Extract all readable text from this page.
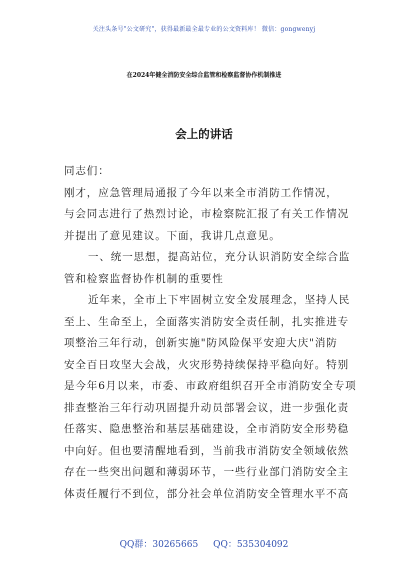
关注头条号"公文研究"，获得最新最全最专业的公文资料库！ 微信：gongwenyj
在2024年健全消防安全综合监管和检察监督协作机制推进
会上的讲话
同志们：
刚才，应急管理局通报了今年以来全市消防工作情况，
与会同志进行了热烈讨论，市检察院汇报了有关工作情况
并提出了意见建议。下面，我讲几点意见。
一、统一思想，提高站位，充分认识消防安全综合监
管和检察监督协作机制的重要性
近年来，全市上下牢固树立安全发展理念，坚持人民
至上、生命至上，全面落实消防安全责任制，扎实推进专
项整治三年行动，创新实施"防风险保平安迎大庆"消防
安全百日攻坚大会战，火灾形势持续保持平稳向好。特别
是今年6月以来，市委、市政府组织召开全市消防安全专项
排查整治三年行动巩固提升动员部署会议，进一步强化责
任落实、隐患整治和基层基础建设，全市消防安全形势稳
中向好。但也要清醒地看到，当前我市消防安全领域依然
存在一些突出问题和薄弱环节，一些行业部门消防安全主
体责任履行不到位，部分社会单位消防安全管理水平不高
QQ群：30265665 QQ：535304092
